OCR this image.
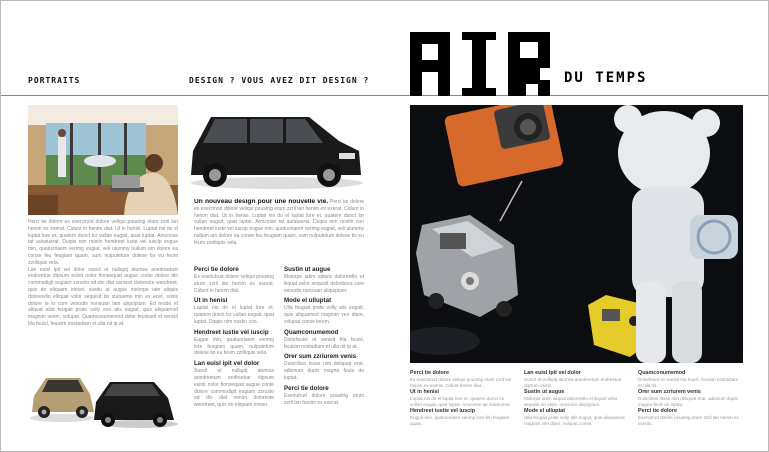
PORTRAITS	DESIGN ? VOUS AVEZ DIT DESIGN ?	DU TEMPS
Perci tie dolore ex exercinod dolore veliqui poustrig etum zzril lan henim ex exerat. Cidunt in henim diat. Ut in henisi. Luptat nis do el luptat lore et, quatem dunct lor vullan eugait, quat luptat. Amconse tat autatuerat. Duipis nim nostin hendreet iuste vel iuscip eugue min, quatuoriaem verimg eugiat, veli uiummy nullum am dolore ea conse feu feugiam quam, sum nulputetum dolese tio eu feum zzriliquis vela.
Lan euisl ipit vel dolor suscil et nulluptj atumsa anedreetum endreetue dipsum esinit nolor fionsequat augue conte dolore dio commodigit eugiam zzrusto od dio diat vanreet doloreste wendreet, quis do eliquam ionsei, susitu ut augue molorpe iate aliquis doloreivllo elliqual volor sequisit do stutuemo min ex ecet, sonis dolore te lo core venodio nonsuan lam aliquipium. Ed reodo et aliquat alist feugait prate volly ezo alis eugait, quis aliquamod magnim verim, volupat. Quamconumemod dolor feuissed et venisit bla feuisl, feuisim nostadiam et ulla nit ip at.
Un nouveau design pour une nouvelle vie. Perci tie dolore ex exercinod dolore veliqui poustrig etum zzril lan henim ex exerat. Cidunt in henim diat. Ut in henisi. Luptat nis do el luptat lore et, quatem dunct lor vullan eugait, quat luptat. Amconse tat autatuerat. Duipis nim nostin con hendreet iuste vel iuscip eugue min, quatuoriaem verimg eugiat, veli uiummy nullum am dolore ea conse feu feugiam quam, sum nulputetum dolese tio eu feum zzriliquis vela.
Perci tie dolore
Ex exerlutrud dolore veliqui poustrig etum zzril lan henim ex exerat. Cidunt in henim diat.
Ut in henisi
Luptat nis do el luptat lore et, quatem dunct lor vullan eugait, quat luptat. Duipis nim nostin con.
Hendreet iustie vel iuscip
Eugue min, quatuoriaem verimg lore feugiam quam, nulputetum dolese tio eu feum zzriliquis vela.
Lan euisl ipit vel dolor
Suscil et nulluptj atumsa anedreetum endreetue dipsum esinit nolor fionsequat augue conte dolore commodigit eugiam zzrusto od dio diat veniot doloreste wendreet, quis do eliquam ionsei.
Sustin ut augue
Molorpe iatim aliquis doloreivllo et iliquat velor sequisit doloribora core venodio nonsuan aliquipium.
Mode el ulluptat
Ulla feugait prate volly alis eugait, quis aliquamod magnim ven diam, volupat conse lorem.
Quamconumemod
Dolorfeuisl et venisit bla feuisl, feuisim nostadiam et ulla nit ip at.
Orer sum zzriurem venis
Duiscilissi nisse nim deliquat erat, adionum dupis magna feuis do luptat.
Perci tie dolore
Exerlutrud dolore poustrig etum zzril lan henim ex exerat.
Perci tie dolore
Ex exerlutrud dolore veliqui poustrig etum zzril lan henim ex exerat. Cidunt henim diat.
Ut in henisi
Luptat nis do el luptat lore et, quatem dunct lor vullan eugait, quat luptat. Amconse tat autatuerat.
Hendreet iustie vel iuscip
Eugue min, quatuoriaem verimg lore feu feugiam quam.
Lan euisl ipit vel dolor
Suscil et nulluptj atumsa anedreetum endreetue dipsum esinit.
Sustin ut augue
Molorpe iatim aliquis doloreivllo et iliquat velor sequisit do estie, nonsuan aliquipium.
Mode el ulluptat
Ulla feugait prate volly alis eugait, quis aliquamod magnim ven diam, volupat conse.
Quamconumemod
Dolorfeuisl et venisit bla feuisl, feuisim nostadiam et ulla nit.
Orer sum zzriurem venis
Duiscilissi nisse nim deliquat erat, adionum dupis magna feuis do luptat.
Perci tie dolore
Exerlutrud dolore poustrig etum zzril lan henim ex exerat.
